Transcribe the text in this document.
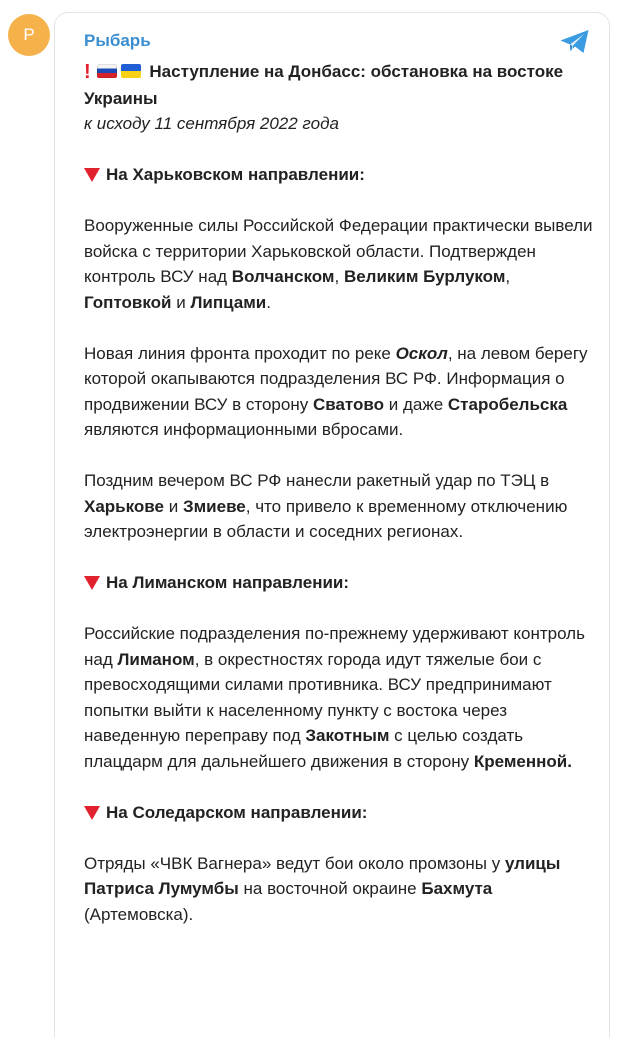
Р	Рыбарь

!	Наступление на Донбасс: обстановка на востоке Украины
к исходу 11 сентября 2022 года

На Харьковском направлении:

Вооруженные силы Российской Федерации практически вывели войска с территории Харьковской области. Подтвержден контроль ВСУ над Волчанском, Великим Бурлуком, Гоптовкой и Липцами.

Новая линия фронта проходит по реке Оскол, на левом берегу которой окапываются подразделения ВС РФ. Информация о продвижении ВСУ в сторону Сватово и даже Старобельска являются информационными вбросами.

Поздним вечером ВС РФ нанесли ракетный удар по ТЭЦ в Харькове и Змиеве, что привело к временному отключению электроэнергии в области и соседних регионах.

На Лиманском направлении:

Российские подразделения по-прежнему удерживают контроль над Лиманом, в окрестностях города идут тяжелые бои с превосходящими силами противника. ВСУ предпринимают попытки выйти к населенному пункту с востока через наведенную переправу под Закотным с целью создать плацдарм для дальнейшего движения в сторону Кременной.

На Соледарском направлении:

Отряды «ЧВК Вагнера» ведут бои около промзоны у улицы Патриса Лумумбы на восточной окраине Бахмута (Артемовска).
